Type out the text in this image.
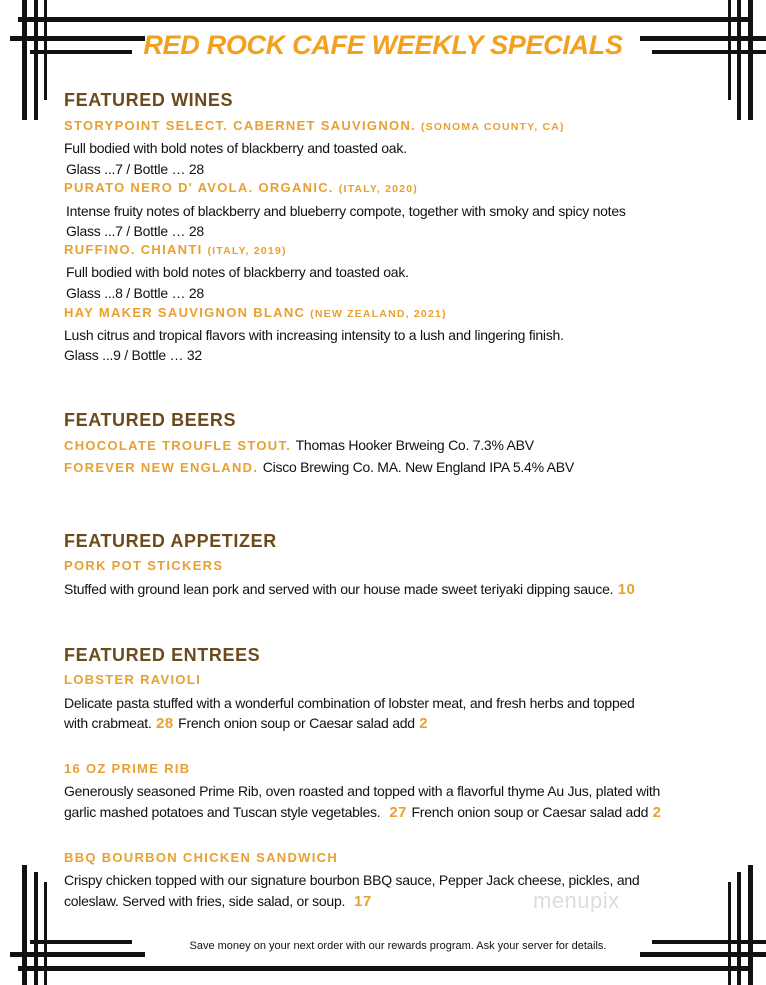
RED ROCK CAFE WEEKLY SPECIALS
FEATURED WINES
STORYPOINT SELECT. CABERNET SAUVIGNON. (SONOMA COUNTY, CA)
Full bodied with bold notes of blackberry and toasted oak.
Glass ...7 / Bottle … 28
PURATO NERO D' AVOLA. ORGANIC. (ITALY, 2020)
Intense fruity notes of blackberry and blueberry compote, together with smoky and spicy notes
Glass ...7 / Bottle … 28
RUFFINO. CHIANTI (ITALY, 2019)
Full bodied with bold notes of blackberry and toasted oak.
Glass ...8 / Bottle … 28
HAY MAKER SAUVIGNON BLANC (NEW ZEALAND, 2021)
Lush citrus and tropical flavors with increasing intensity to a lush and lingering finish.
Glass ...9 / Bottle … 32
FEATURED BEERS
CHOCOLATE TROUFLE STOUT. Thomas Hooker Brweing Co. 7.3% ABV
FOREVER NEW ENGLAND. Cisco Brewing Co. MA. New England IPA 5.4% ABV
FEATURED APPETIZER
PORK POT STICKERS
Stuffed with ground lean pork and served with our house made sweet teriyaki dipping sauce. 10
FEATURED ENTREES
LOBSTER RAVIOLI
Delicate pasta stuffed with a wonderful combination of lobster meat, and fresh herbs and topped
with crabmeat. 28 French onion soup or Caesar salad add 2
16 OZ PRIME RIB
Generously seasoned Prime Rib, oven roasted and topped with a flavorful thyme Au Jus, plated with
garlic mashed potatoes and Tuscan style vegetables. 27 French onion soup or Caesar salad add 2
BBQ BOURBON CHICKEN SANDWICH
Crispy chicken topped with our signature bourbon BBQ sauce, Pepper Jack cheese, pickles, and
coleslaw. Served with fries, side salad, or soup. 17	menupix
Save money on your next order with our rewards program. Ask your server for details.
